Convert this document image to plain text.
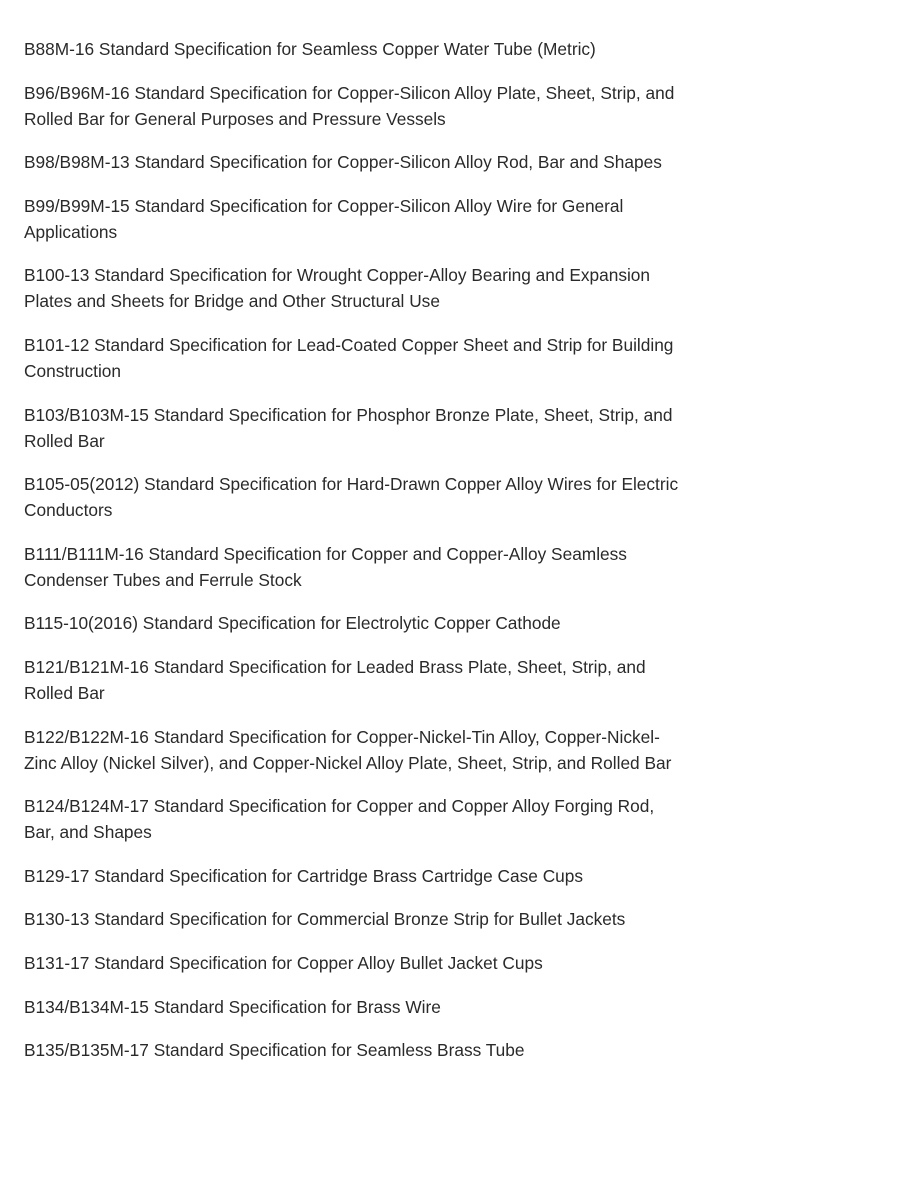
B88M-16 Standard Specification for Seamless Copper Water Tube (Metric)

B96/B96M-16 Standard Specification for Copper-Silicon Alloy Plate, Sheet, Strip, and Rolled Bar for General Purposes and Pressure Vessels

B98/B98M-13 Standard Specification for Copper-Silicon Alloy Rod, Bar and Shapes

B99/B99M-15 Standard Specification for Copper-Silicon Alloy Wire for General Applications

B100-13 Standard Specification for Wrought Copper-Alloy Bearing and Expansion Plates and Sheets for Bridge and Other Structural Use

B101-12 Standard Specification for Lead-Coated Copper Sheet and Strip for Building Construction

B103/B103M-15 Standard Specification for Phosphor Bronze Plate, Sheet, Strip, and Rolled Bar

B105-05(2012) Standard Specification for Hard-Drawn Copper Alloy Wires for Electric Conductors

B111/B111M-16 Standard Specification for Copper and Copper-Alloy Seamless Condenser Tubes and Ferrule Stock

B115-10(2016) Standard Specification for Electrolytic Copper Cathode

B121/B121M-16 Standard Specification for Leaded Brass Plate, Sheet, Strip, and Rolled Bar

B122/B122M-16 Standard Specification for Copper-Nickel-Tin Alloy, Copper-Nickel-Zinc Alloy (Nickel Silver), and Copper-Nickel Alloy Plate, Sheet, Strip, and Rolled Bar

B124/B124M-17 Standard Specification for Copper and Copper Alloy Forging Rod, Bar, and Shapes

B129-17 Standard Specification for Cartridge Brass Cartridge Case Cups

B130-13 Standard Specification for Commercial Bronze Strip for Bullet Jackets

B131-17 Standard Specification for Copper Alloy Bullet Jacket Cups

B134/B134M-15 Standard Specification for Brass Wire

B135/B135M-17 Standard Specification for Seamless Brass Tube
